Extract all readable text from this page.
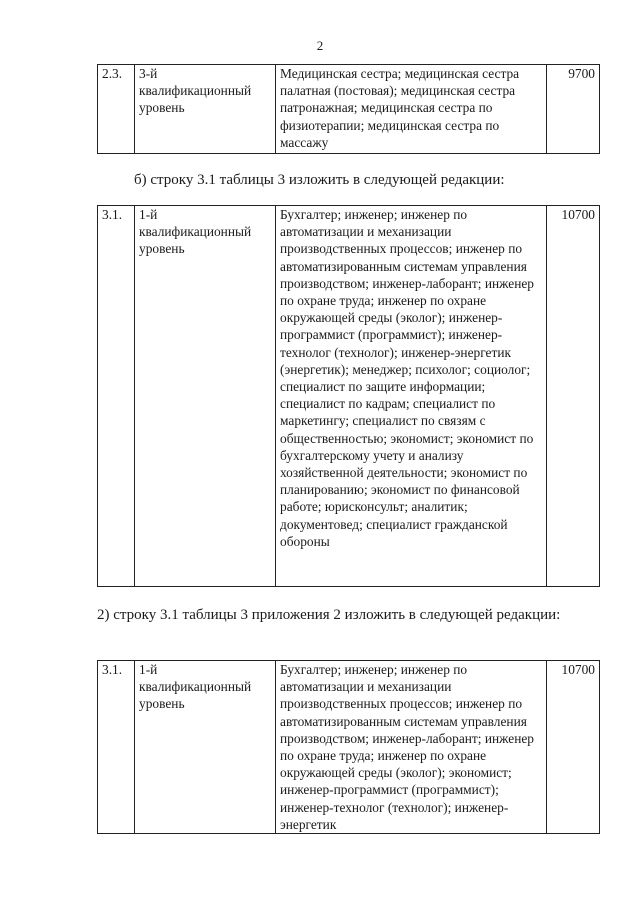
2
2.3.	3-й квалификационный уровень	Медицинская сестра; медицинская сестра палатная (постовая); медицинская сестра патронажная; медицинская сестра по физиотерапии; медицинская сестра по массажу	9700
б) строку 3.1 таблицы 3 изложить в следующей редакции:
3.1.	1-й квалификационный уровень	Бухгалтер; инженер; инженер по автоматизации и механизации производственных процессов; инженер по автоматизированным системам управления производством; инженер-лаборант; инженер по охране труда; инженер по охране окружающей среды (эколог); инженер-программист (программист); инженер-технолог (технолог); инженер-энергетик (энергетик); менеджер; психолог; социолог; специалист по защите информации; специалист по кадрам; специалист по маркетингу; специалист по связям с общественностью; экономист; экономист по бухгалтерскому учету и анализу хозяйственной деятельности; экономист по планированию; экономист по финансовой работе; юрисконсульт; аналитик; документовед; специалист гражданской обороны	10700
2) строку 3.1 таблицы 3 приложения 2 изложить в следующей редакции:
3.1.	1-й квалификационный уровень	Бухгалтер; инженер; инженер по автоматизации и механизации производственных процессов; инженер по автоматизированным системам управления производством; инженер-лаборант; инженер по охране труда; инженер по охране окружающей среды (эколог); экономист; инженер-программист (программист); инженер-технолог (технолог); инженер-энергетик	10700
